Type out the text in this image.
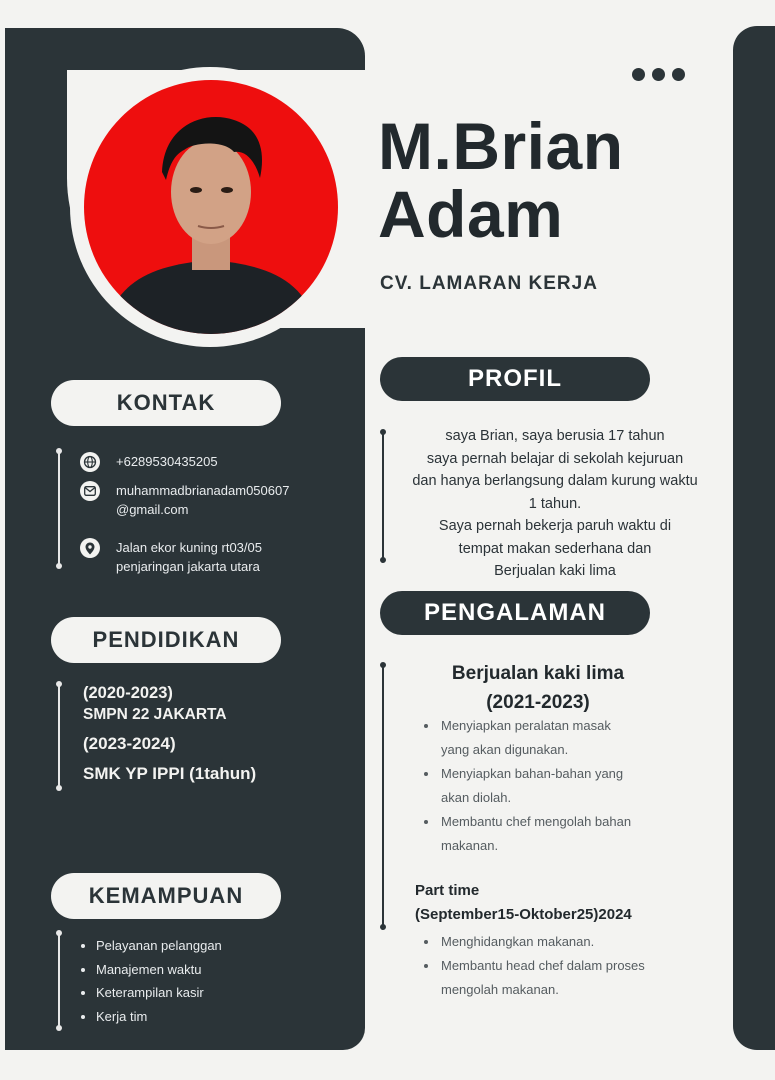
M.Brian
Adam
CV. LAMARAN KERJA
KONTAK
+6289530435205
muhammadbrianadam050607
@gmail.com
Jalan ekor kuning rt03/05
penjaringan jakarta utara
PENDIDIKAN
(2020-2023)
SMPN 22 JAKARTA
(2023-2024)
SMK YP IPPI (1tahun)
KEMAMPUAN
• Pelayanan pelanggan
• Manajemen waktu
• Keterampilan kasir
• Kerja tim
PROFIL
saya Brian, saya berusia 17 tahun
saya pernah belajar di sekolah kejuruan
dan hanya berlangsung dalam kurung waktu
1 tahun.
Saya pernah bekerja paruh waktu di
tempat makan sederhana dan
Berjualan kaki lima
PENGALAMAN
Berjualan kaki lima
(2021-2023)
• Menyiapkan peralatan masak
yang akan digunakan.
• Menyiapkan bahan-bahan yang
akan diolah.
• Membantu chef mengolah bahan
makanan.
Part time
(September15-Oktober25)2024
• Menghidangkan makanan.
• Membantu head chef dalam proses
mengolah makanan.
